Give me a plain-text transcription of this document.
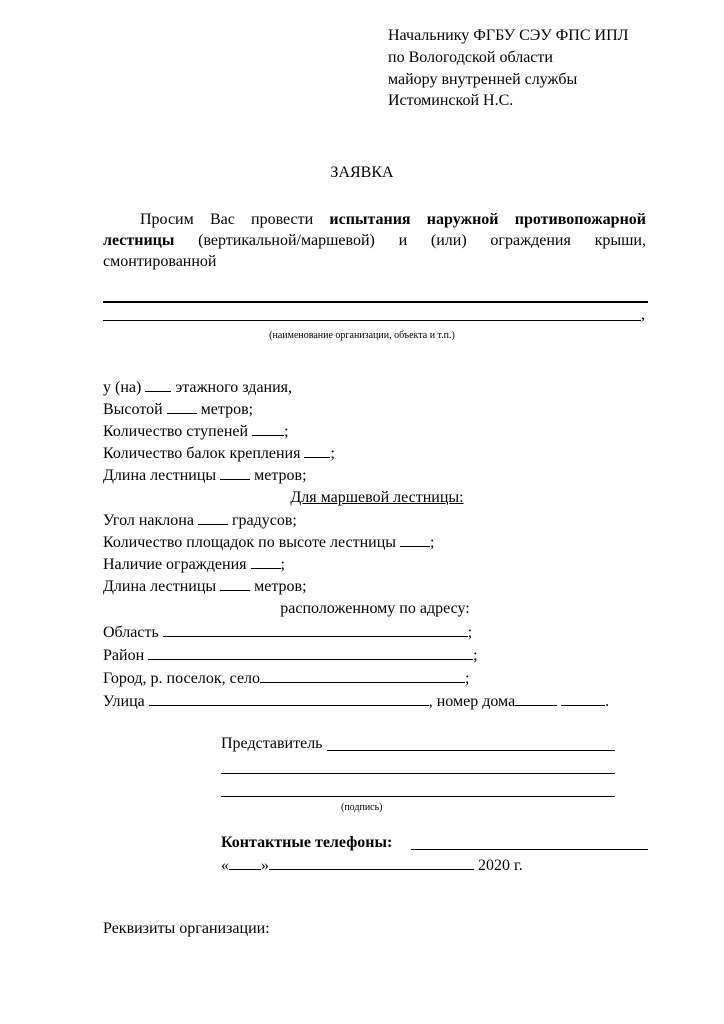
Начальнику ФГБУ СЭУ ФПС ИПЛ
по Вологодской области
майору внутренней службы
Истоминской Н.С.
ЗАЯВКА
Просим Вас провести испытания наружной противопожарной лестницы (вертикальной/маршевой) и (или) ограждения крыши, смонтированной
,
(наименование организации, объекта и т.п.)
у (на)  этажного здания,
Высотой  метров;
Количество ступеней ;
Количество балок крепления ;
Длина лестницы  метров;
Для маршевой лестницы:
Угол наклона  градусов;
Количество площадок по высоте лестницы ;
Наличие ограждения ;
Длина лестницы  метров;
расположенному по адресу:
Область	;
Район	;
Город, р. поселок, село	;
Улица	, номер дома	.
Представитель
(подпись)
Контактные телефоны:
« »	2020 г.
Реквизиты организации:
